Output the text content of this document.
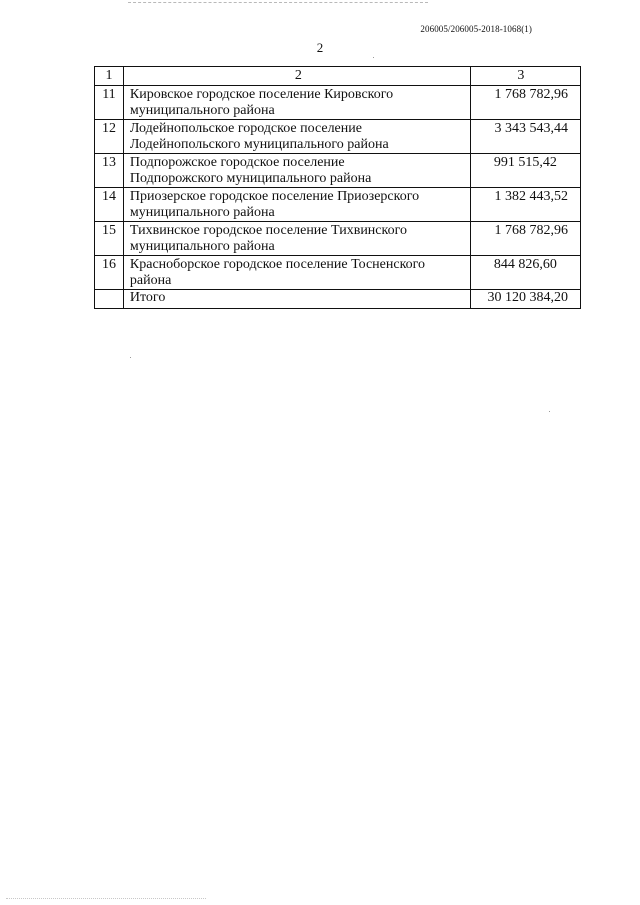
206005/206005-2018-1068(1)
2
1	2	3
11	Кировское городское поселение Кировского
муниципального района	1 768 782,96
12	Лодейнопольское городское поселение
Лодейнопольского муниципального района	3 343 543,44
13	Подпорожское городское поселение
Подпорожского муниципального района	991 515,42
14	Приозерское городское поселение Приозерского
муниципального района	1 382 443,52
15	Тихвинское городское поселение Тихвинского
муниципального района	1 768 782,96
16	Красноборское городское поселение Тосненского
района	844 826,60
	Итого	30 120 384,20
